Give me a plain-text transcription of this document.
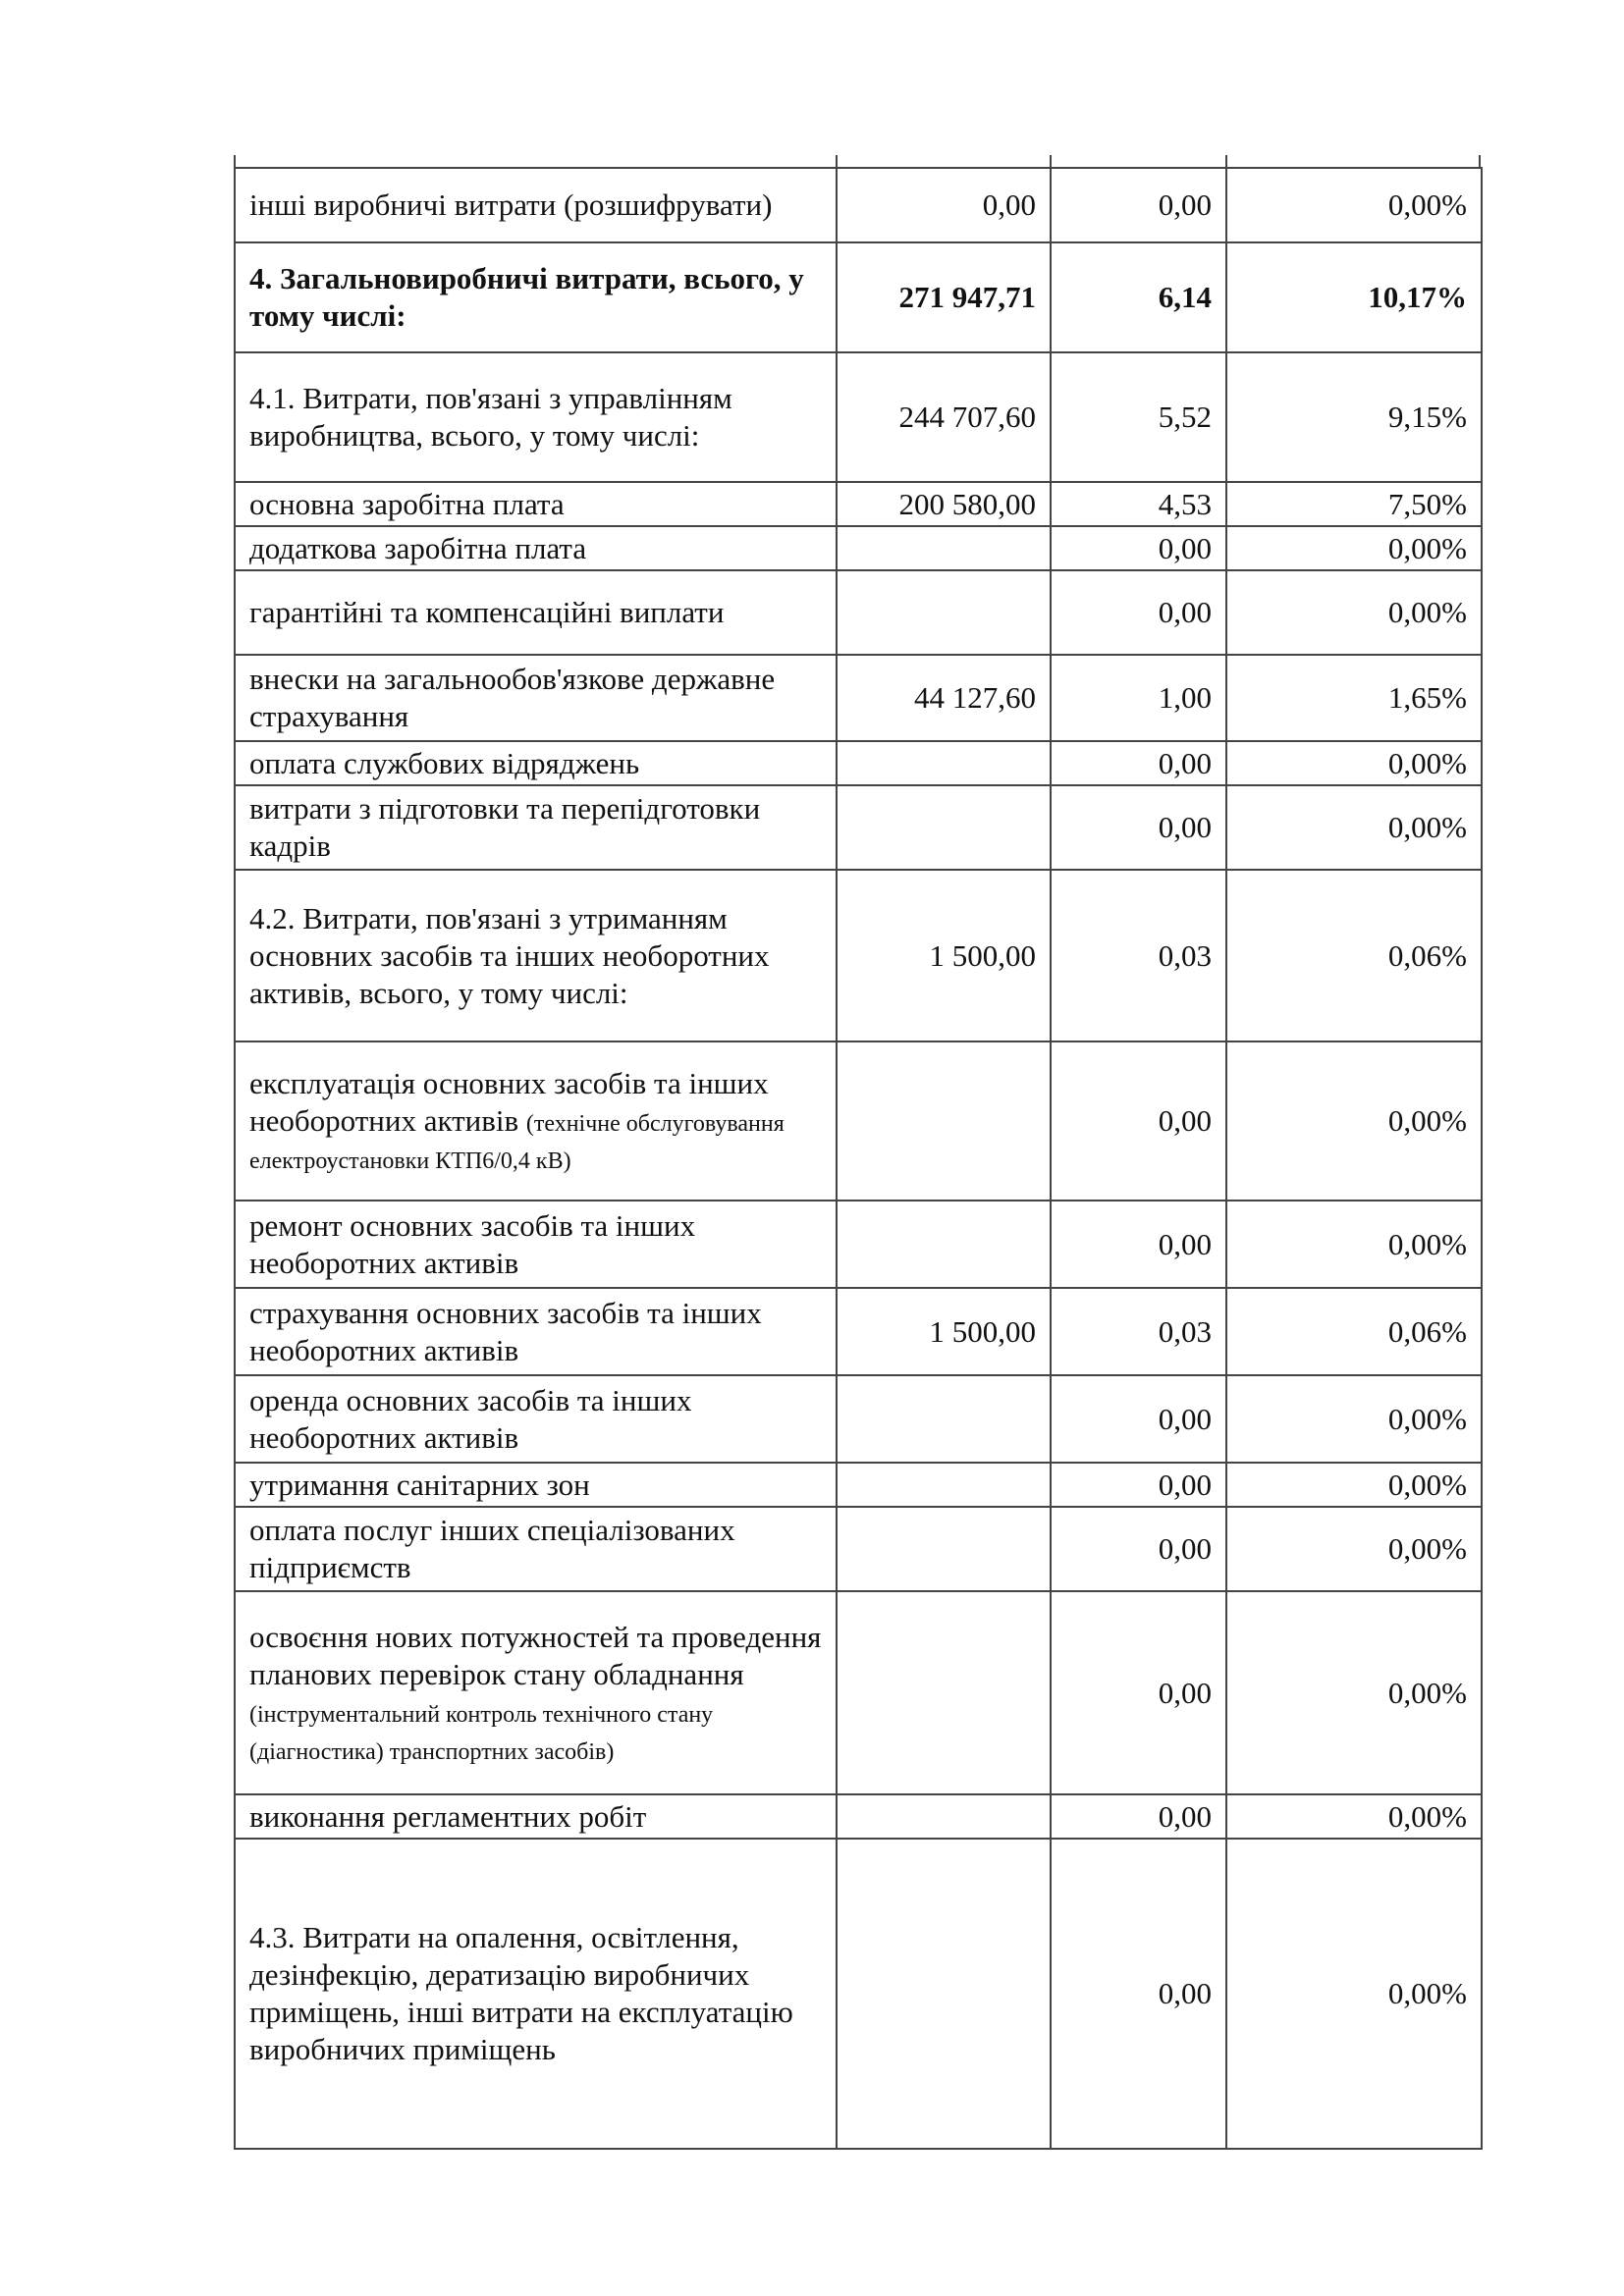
інші виробничі витрати (розшифрувати)	0,00	0,00	0,00%
4. Загальновиробничі витрати, всього, у тому числі:	271 947,71	6,14	10,17%
4.1. Витрати, пов'язані з управлінням виробництва, всього, у тому числі:	244 707,60	5,52	9,15%
основна заробітна плата	200 580,00	4,53	7,50%
додаткова заробітна плата		0,00	0,00%
гарантійні та компенсаційні виплати		0,00	0,00%
внески на загальнообов'язкове державне страхування	44 127,60	1,00	1,65%
оплата службових відряджень		0,00	0,00%
витрати з підготовки та перепідготовки кадрів		0,00	0,00%
4.2. Витрати, пов'язані з утриманням основних засобів та інших необоротних активів, всього, у тому числі:	1 500,00	0,03	0,06%
експлуатація основних засобів та інших необоротних активів (технічне обслуговування електроустановки КТП6/0,4 кВ)		0,00	0,00%
ремонт основних засобів та інших необоротних активів		0,00	0,00%
страхування основних засобів та інших необоротних активів	1 500,00	0,03	0,06%
оренда основних засобів та інших необоротних активів		0,00	0,00%
утримання санітарних зон		0,00	0,00%
оплата послуг інших спеціалізованих підприємств		0,00	0,00%
освоєння нових потужностей та проведення планових перевірок стану обладнання (інструментальний контроль технічного стану (діагностика) транспортних засобів)		0,00	0,00%
виконання регламентних робіт		0,00	0,00%
4.3. Витрати на опалення, освітлення, дезінфекцію, дератизацію виробничих приміщень, інші витрати на експлуатацію виробничих приміщень		0,00	0,00%
